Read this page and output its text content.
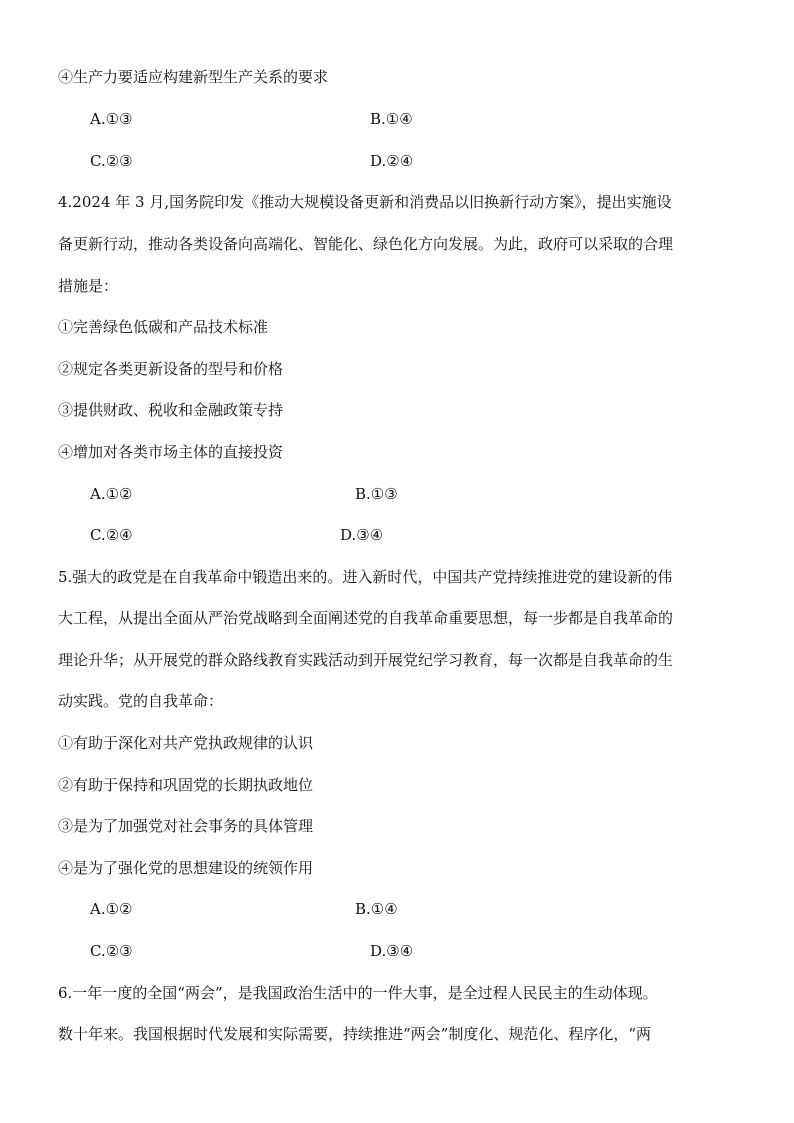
④生产力要适应构建新型生产关系的要求
A.①③	B.①④
C.②③	D.②④
4.2024 年 3 月,国务院印发《推动大规模设备更新和消费品以旧换新行动方案》，提出实施设
备更新行动，推动各类设备向高端化、智能化、绿色化方向发展。为此，政府可以采取的合理
措施是：
①完善绿色低碳和产品技术标准
②规定各类更新设备的型号和价格
③提供财政、税收和金融政策专持
④增加对各类市场主体的直接投资
A.①②	B.①③
C.②④	D.③④
5.强大的政党是在自我革命中锻造出来的。进入新时代，中国共产党持续推进党的建设新的伟
大工程，从提出全面从严治党战略到全面阐述党的自我革命重要思想，每一步都是自我革命的
理论升华；从开展党的群众路线教育实践活动到开展党纪学习教育，每一次都是自我革命的生
动实践。党的自我革命：
①有助于深化对共产党执政规律的认识
②有助于保持和巩固党的长期执政地位
③是为了加强党对社会事务的具体管理
④是为了强化党的思想建设的统领作用
A.①②	B.①④
C.②③	D.③④
6.一年一度的全国“两会”，是我国政治生活中的一件大事，是全过程人民民主的生动体现。
数十年来。我国根据时代发展和实际需要，持续推进“两会”制度化、规范化、程序化，“两
